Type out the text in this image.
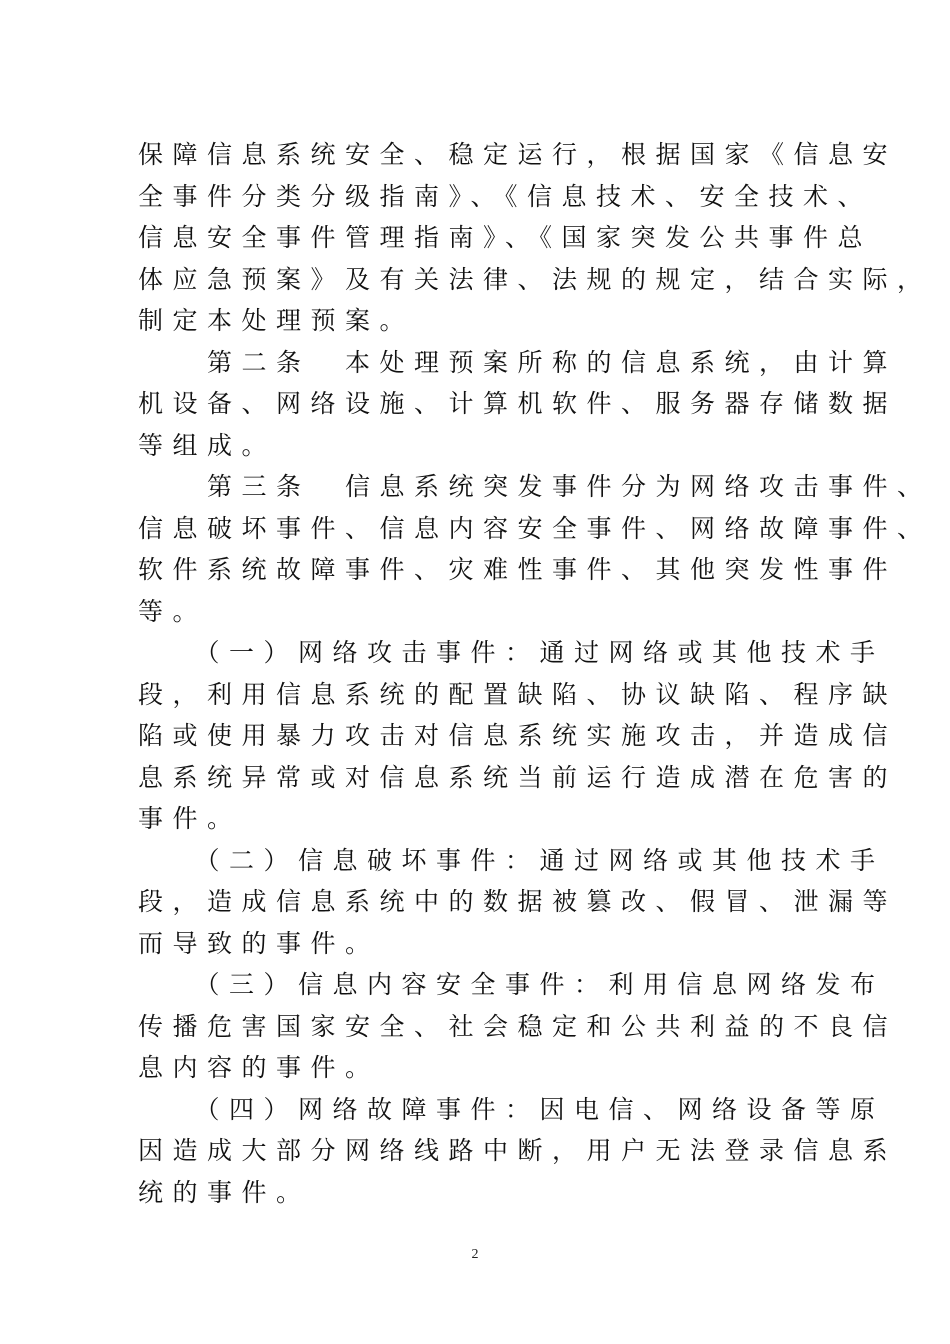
保障信息系统安全、稳定运行，根据国家《信息安
全事件分类分级指南》、《信息技术、安全技术、
信息安全事件管理指南》、《国家突发公共事件总
体应急预案》及有关法律、法规的规定，结合实际，
制定本处理预案。
　　第二条　本处理预案所称的信息系统，由计算
机设备、网络设施、计算机软件、服务器存储数据
等组成。
　　第三条　信息系统突发事件分为网络攻击事件、
信息破坏事件、信息内容安全事件、网络故障事件、
软件系统故障事件、灾难性事件、其他突发性事件
等。
　　（一）网络攻击事件：通过网络或其他技术手
段，利用信息系统的配置缺陷、协议缺陷、程序缺
陷或使用暴力攻击对信息系统实施攻击，并造成信
息系统异常或对信息系统当前运行造成潜在危害的
事件。
　　（二）信息破坏事件：通过网络或其他技术手
段，造成信息系统中的数据被篡改、假冒、泄漏等
而导致的事件。
　　（三）信息内容安全事件：利用信息网络发布
传播危害国家安全、社会稳定和公共利益的不良信
息内容的事件。
　　（四）网络故障事件：因电信、网络设备等原
因造成大部分网络线路中断，用户无法登录信息系
统的事件。
2
